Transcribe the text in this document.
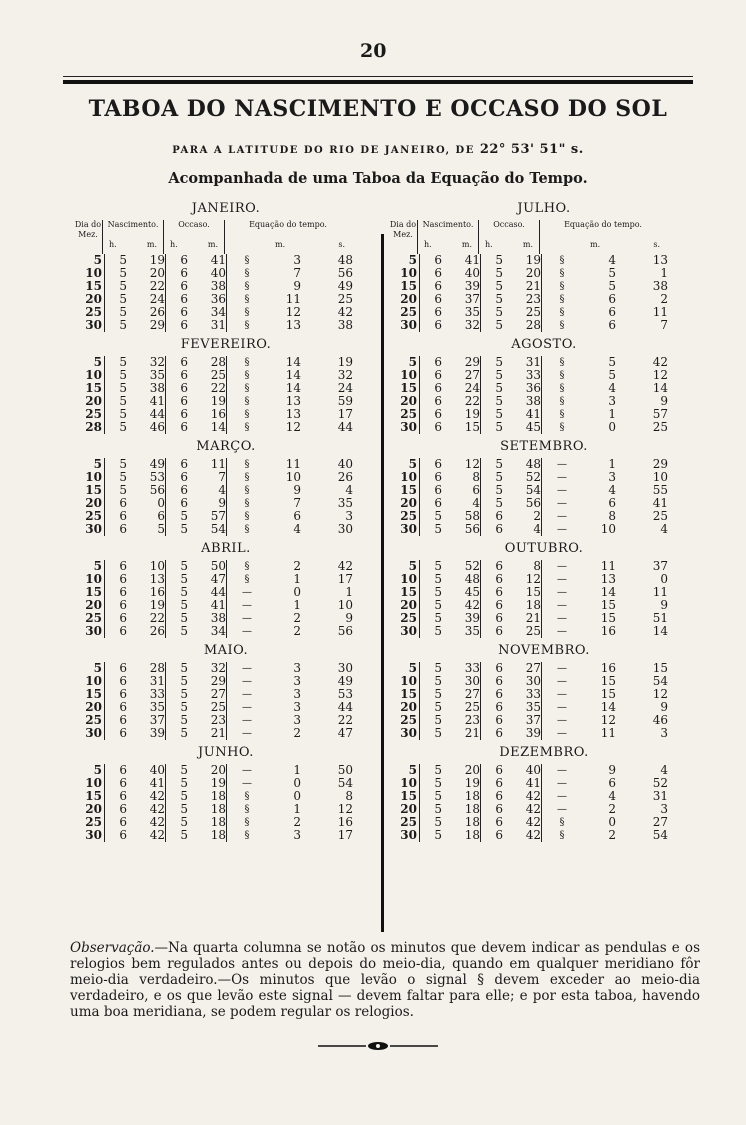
20
TABOA DO NASCIMENTO E OCCASO DO SOL
PARA A LATITUDE DO RIO DE JANEIRO, DE 22° 53' 51" s.
Acompanhada de uma Taboa da Equação do Tempo.
JANEIRO.
Dia do Mez.
Nascimento.
h.	m.
Occaso.
h.	m.
Equação do tempo.
m.	s.
5	5	19	6	41	§	3	48
10	5	20	6	40	§	7	56
15	5	22	6	38	§	9	49
20	5	24	6	36	§	11	25
25	5	26	6	34	§	12	42
30	5	29	6	31	§	13	38
FEVEREIRO.
5	5	32	6	28	§	14	19
10	5	35	6	25	§	14	32
15	5	38	6	22	§	14	24
20	5	41	6	19	§	13	59
25	5	44	6	16	§	13	17
28	5	46	6	14	§	12	44
MARÇO.
5	5	49	6	11	§	11	40
10	5	53	6	7	§	10	26
15	5	56	6	4	§	9	4
20	6	0	6	9	§	7	35
25	6	6	5	57	§	6	3
30	6	5	5	54	§	4	30
ABRIL.
5	6	10	5	50	§	2	42
10	6	13	5	47	§	1	17
15	6	16	5	44	—	0	1
20	6	19	5	41	—	1	10
25	6	22	5	38	—	2	9
30	6	26	5	34	—	2	56
MAIO.
5	6	28	5	32	—	3	30
10	6	31	5	29	—	3	49
15	6	33	5	27	—	3	53
20	6	35	5	25	—	3	44
25	6	37	5	23	—	3	22
30	6	39	5	21	—	2	47
JUNHO.
5	6	40	5	20	—	1	50
10	6	41	5	19	—	0	54
15	6	42	5	18	§	0	8
20	6	42	5	18	§	1	12
25	6	42	5	18	§	2	16
30	6	42	5	18	§	3	17
JULHO.
Dia do Mez.
Nascimento.
h.	m.
Occaso.
h.	m.
Equação do tempo.
m.	s.
5	6	41	5	19	§	4	13
10	6	40	5	20	§	5	1
15	6	39	5	21	§	5	38
20	6	37	5	23	§	6	2
25	6	35	5	25	§	6	11
30	6	32	5	28	§	6	7
AGOSTO.
5	6	29	5	31	§	5	42
10	6	27	5	33	§	5	12
15	6	24	5	36	§	4	14
20	6	22	5	38	§	3	9
25	6	19	5	41	§	1	57
30	6	15	5	45	§	0	25
SETEMBRO.
5	6	12	5	48	—	1	29
10	6	8	5	52	—	3	10
15	6	6	5	54	—	4	55
20	6	4	5	56	—	6	41
25	5	58	6	2	—	8	25
30	5	56	6	4	—	10	4
OUTUBRO.
5	5	52	6	8	—	11	37
10	5	48	6	12	—	13	0
15	5	45	6	15	—	14	11
20	5	42	6	18	—	15	9
25	5	39	6	21	—	15	51
30	5	35	6	25	—	16	14
NOVEMBRO.
5	5	33	6	27	—	16	15
10	5	30	6	30	—	15	54
15	5	27	6	33	—	15	12
20	5	25	6	35	—	14	9
25	5	23	6	37	—	12	46
30	5	21	6	39	—	11	3
DEZEMBRO.
5	5	20	6	40	—	9	4
10	5	19	6	41	—	6	52
15	5	18	6	42	—	4	31
20	5	18	6	42	—	2	3
25	5	18	6	42	§	0	27
30	5	18	6	42	§	2	54
Observação.—Na quarta columna se notão os minutos que devem indicar as pendulas e os relogios bem regulados antes ou depois do meio-dia, quando em qualquer meridiano fôr meio-dia verdadeiro.—Os minutos que levão o signal § devem exceder ao meio-dia verdadeiro, e os que levão este signal — devem faltar para elle; e por esta taboa, havendo uma boa meridiana, se podem regular os relogios.
